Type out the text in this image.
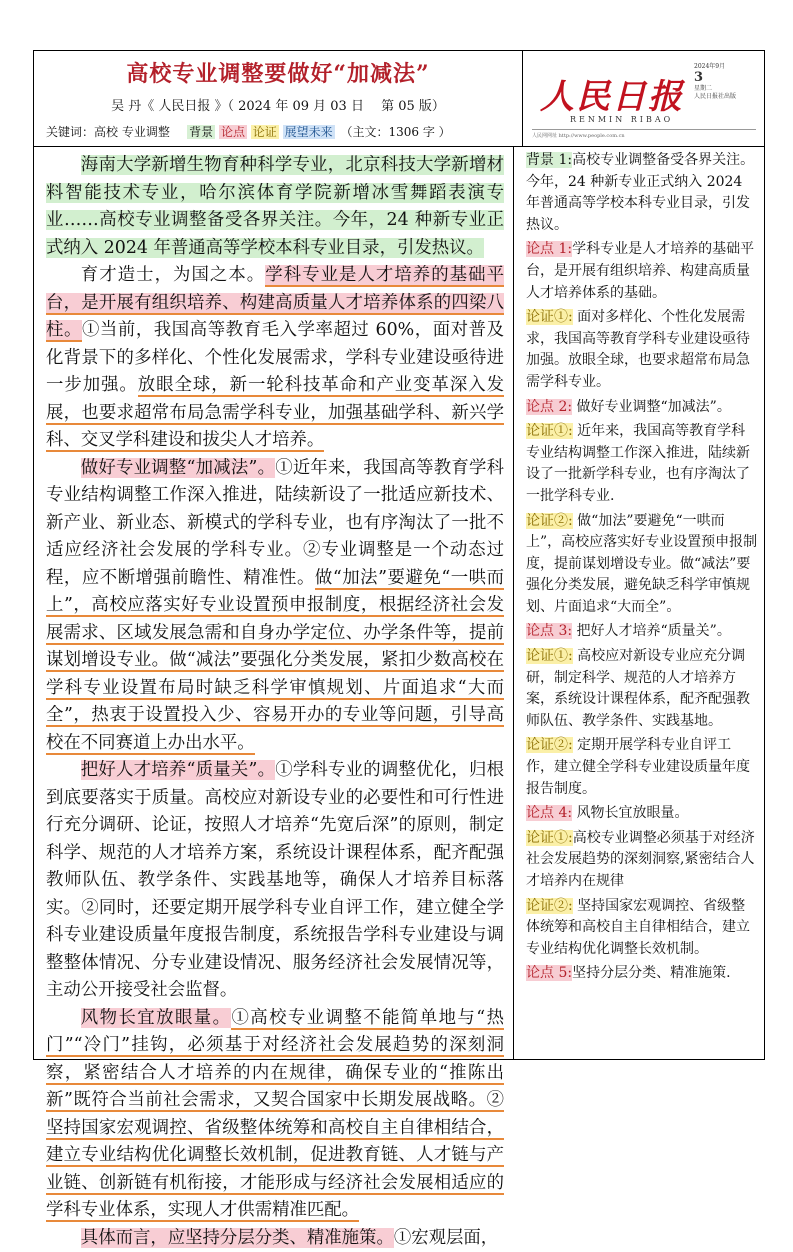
高校专业调整要做好“加减法”
吴 丹《 人民日报 》（ 2024 年 09 月 03 日　 第 05 版）
关键词：高校 专业调整 背景 论点 论证 展望未来 （主文：1306 字 ）
人民日报
RENMIN RIBAO
2024年9月
3
星期二
人民日报社出版
人民网网址 http://www.people.com.cn

海南大学新增生物育种科学专业，北京科技大学新增材料智能技术专业，哈尔滨体育学院新增冰雪舞蹈表演专业……高校专业调整备受各界关注。今年，24 种新专业正式纳入 2024 年普通高等学校本科专业目录，引发热议。

育才造士，为国之本。学科专业是人才培养的基础平台，是开展有组织培养、构建高质量人才培养体系的四梁八柱。①当前，我国高等教育毛入学率超过 60%，面对普及化背景下的多样化、个性化发展需求，学科专业建设亟待进一步加强。放眼全球，新一轮科技革命和产业变革深入发展，也要求超常布局急需学科专业，加强基础学科、新兴学科、交叉学科建设和拔尖人才培养。

做好专业调整“加减法”。①近年来，我国高等教育学科专业结构调整工作深入推进，陆续新设了一批适应新技术、新产业、新业态、新模式的学科专业，也有序淘汰了一批不适应经济社会发展的学科专业。②专业调整是一个动态过程，应不断增强前瞻性、精准性。做“加法”要避免“一哄而上”，高校应落实好专业设置预申报制度，根据经济社会发展需求、区域发展急需和自身办学定位、办学条件等，提前谋划增设专业。做“减法”要强化分类发展，紧扣少数高校在学科专业设置布局时缺乏科学审慎规划、片面追求“大而全”，热衷于设置投入少、容易开办的专业等问题，引导高校在不同赛道上办出水平。

把好人才培养“质量关”。①学科专业的调整优化，归根到底要落实于质量。高校应对新设专业的必要性和可行性进行充分调研、论证，按照人才培养“先宽后深”的原则，制定科学、规范的人才培养方案，系统设计课程体系，配齐配强教师队伍、教学条件、实践基地等，确保人才培养目标落实。②同时，还要定期开展学科专业自评工作，建立健全学科专业建设质量年度报告制度，系统报告学科专业建设与调整整体情况、分专业建设情况、服务经济社会发展情况等，主动公开接受社会监督。

风物长宜放眼量。①高校专业调整不能简单地与“热门”“冷门”挂钩，必须基于对经济社会发展趋势的深刻洞察，紧密结合人才培养的内在规律，确保专业的“推陈出新”既符合当前社会需求，又契合国家中长期发展战略。②坚持国家宏观调控、省级整体统筹和高校自主自律相结合，建立专业结构优化调整长效机制，促进教育链、人才链与产业链、创新链有机衔接，才能形成与经济社会发展相适应的学科专业体系，实现人才供需精准匹配。

具体而言，应坚持分层分类、精准施策。①宏观层面，

背景 1:高校专业调整备受各界关注。今年，24 种新专业正式纳入 2024 年普通高等学校本科专业目录，引发热议。
论点 1:学科专业是人才培养的基础平台，是开展有组织培养、构建高质量人才培养体系的基础。
论证①: 面对多样化、个性化发展需求，我国高等教育学科专业建设亟待加强。放眼全球，也要求超常布局急需学科专业。
论点 2: 做好专业调整“加减法”。
论证①: 近年来，我国高等教育学科专业结构调整工作深入推进，陆续新设了一批新学科专业，也有序淘汰了一批学科专业.
论证②: 做“加法”要避免“一哄而上”，高校应落实好专业设置预申报制度，提前谋划增设专业。做“减法”要强化分类发展，避免缺乏科学审慎规划、片面追求“大而全”。
论点 3: 把好人才培养“质量关”。
论证①: 高校应对新设专业应充分调研，制定科学、规范的人才培养方案，系统设计课程体系，配齐配强教师队伍、教学条件、实践基地。
论证②: 定期开展学科专业自评工作，建立健全学科专业建设质量年度报告制度。
论点 4: 风物长宜放眼量。
论证①:高校专业调整必须基于对经济社会发展趋势的深刻洞察,紧密结合人才培养内在规律
论证②: 坚持国家宏观调控、省级整体统筹和高校自主自律相结合，建立专业结构优化调整长效机制。
论点 5:坚持分层分类、精准施策.
